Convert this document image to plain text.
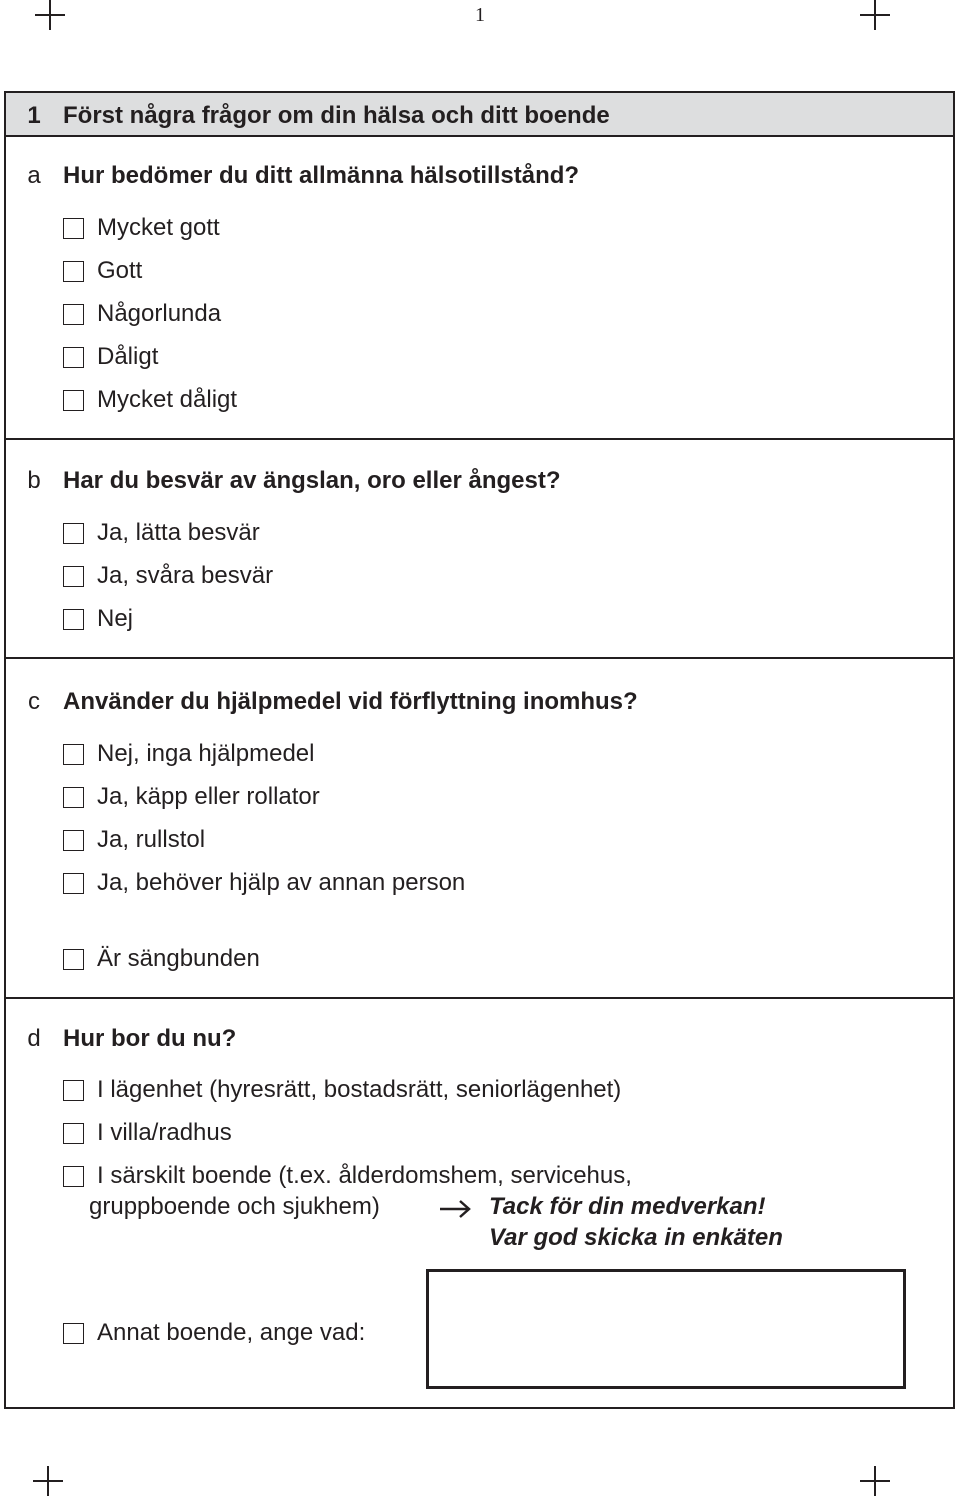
1
1 Först några frågor om din hälsa och ditt boende
a Hur bedömer du ditt allmänna hälsotillstånd?
Mycket gott
Gott
Någorlunda
Dåligt
Mycket dåligt
b Har du besvär av ängslan, oro eller ångest?
Ja, lätta besvär
Ja, svåra besvär
Nej
c Använder du hjälpmedel vid förflyttning inomhus?
Nej, inga hjälpmedel
Ja, käpp eller rollator
Ja, rullstol
Ja, behöver hjälp av annan person
Är sängbunden
d Hur bor du nu?
I lägenhet (hyresrätt, bostadsrätt, seniorlägenhet)
I villa/radhus
I särskilt boende (t.ex. ålderdomshem, servicehus,
gruppboende och sjukhem)	Tack för din medverkan!
Var god skicka in enkäten
Annat boende, ange vad:
